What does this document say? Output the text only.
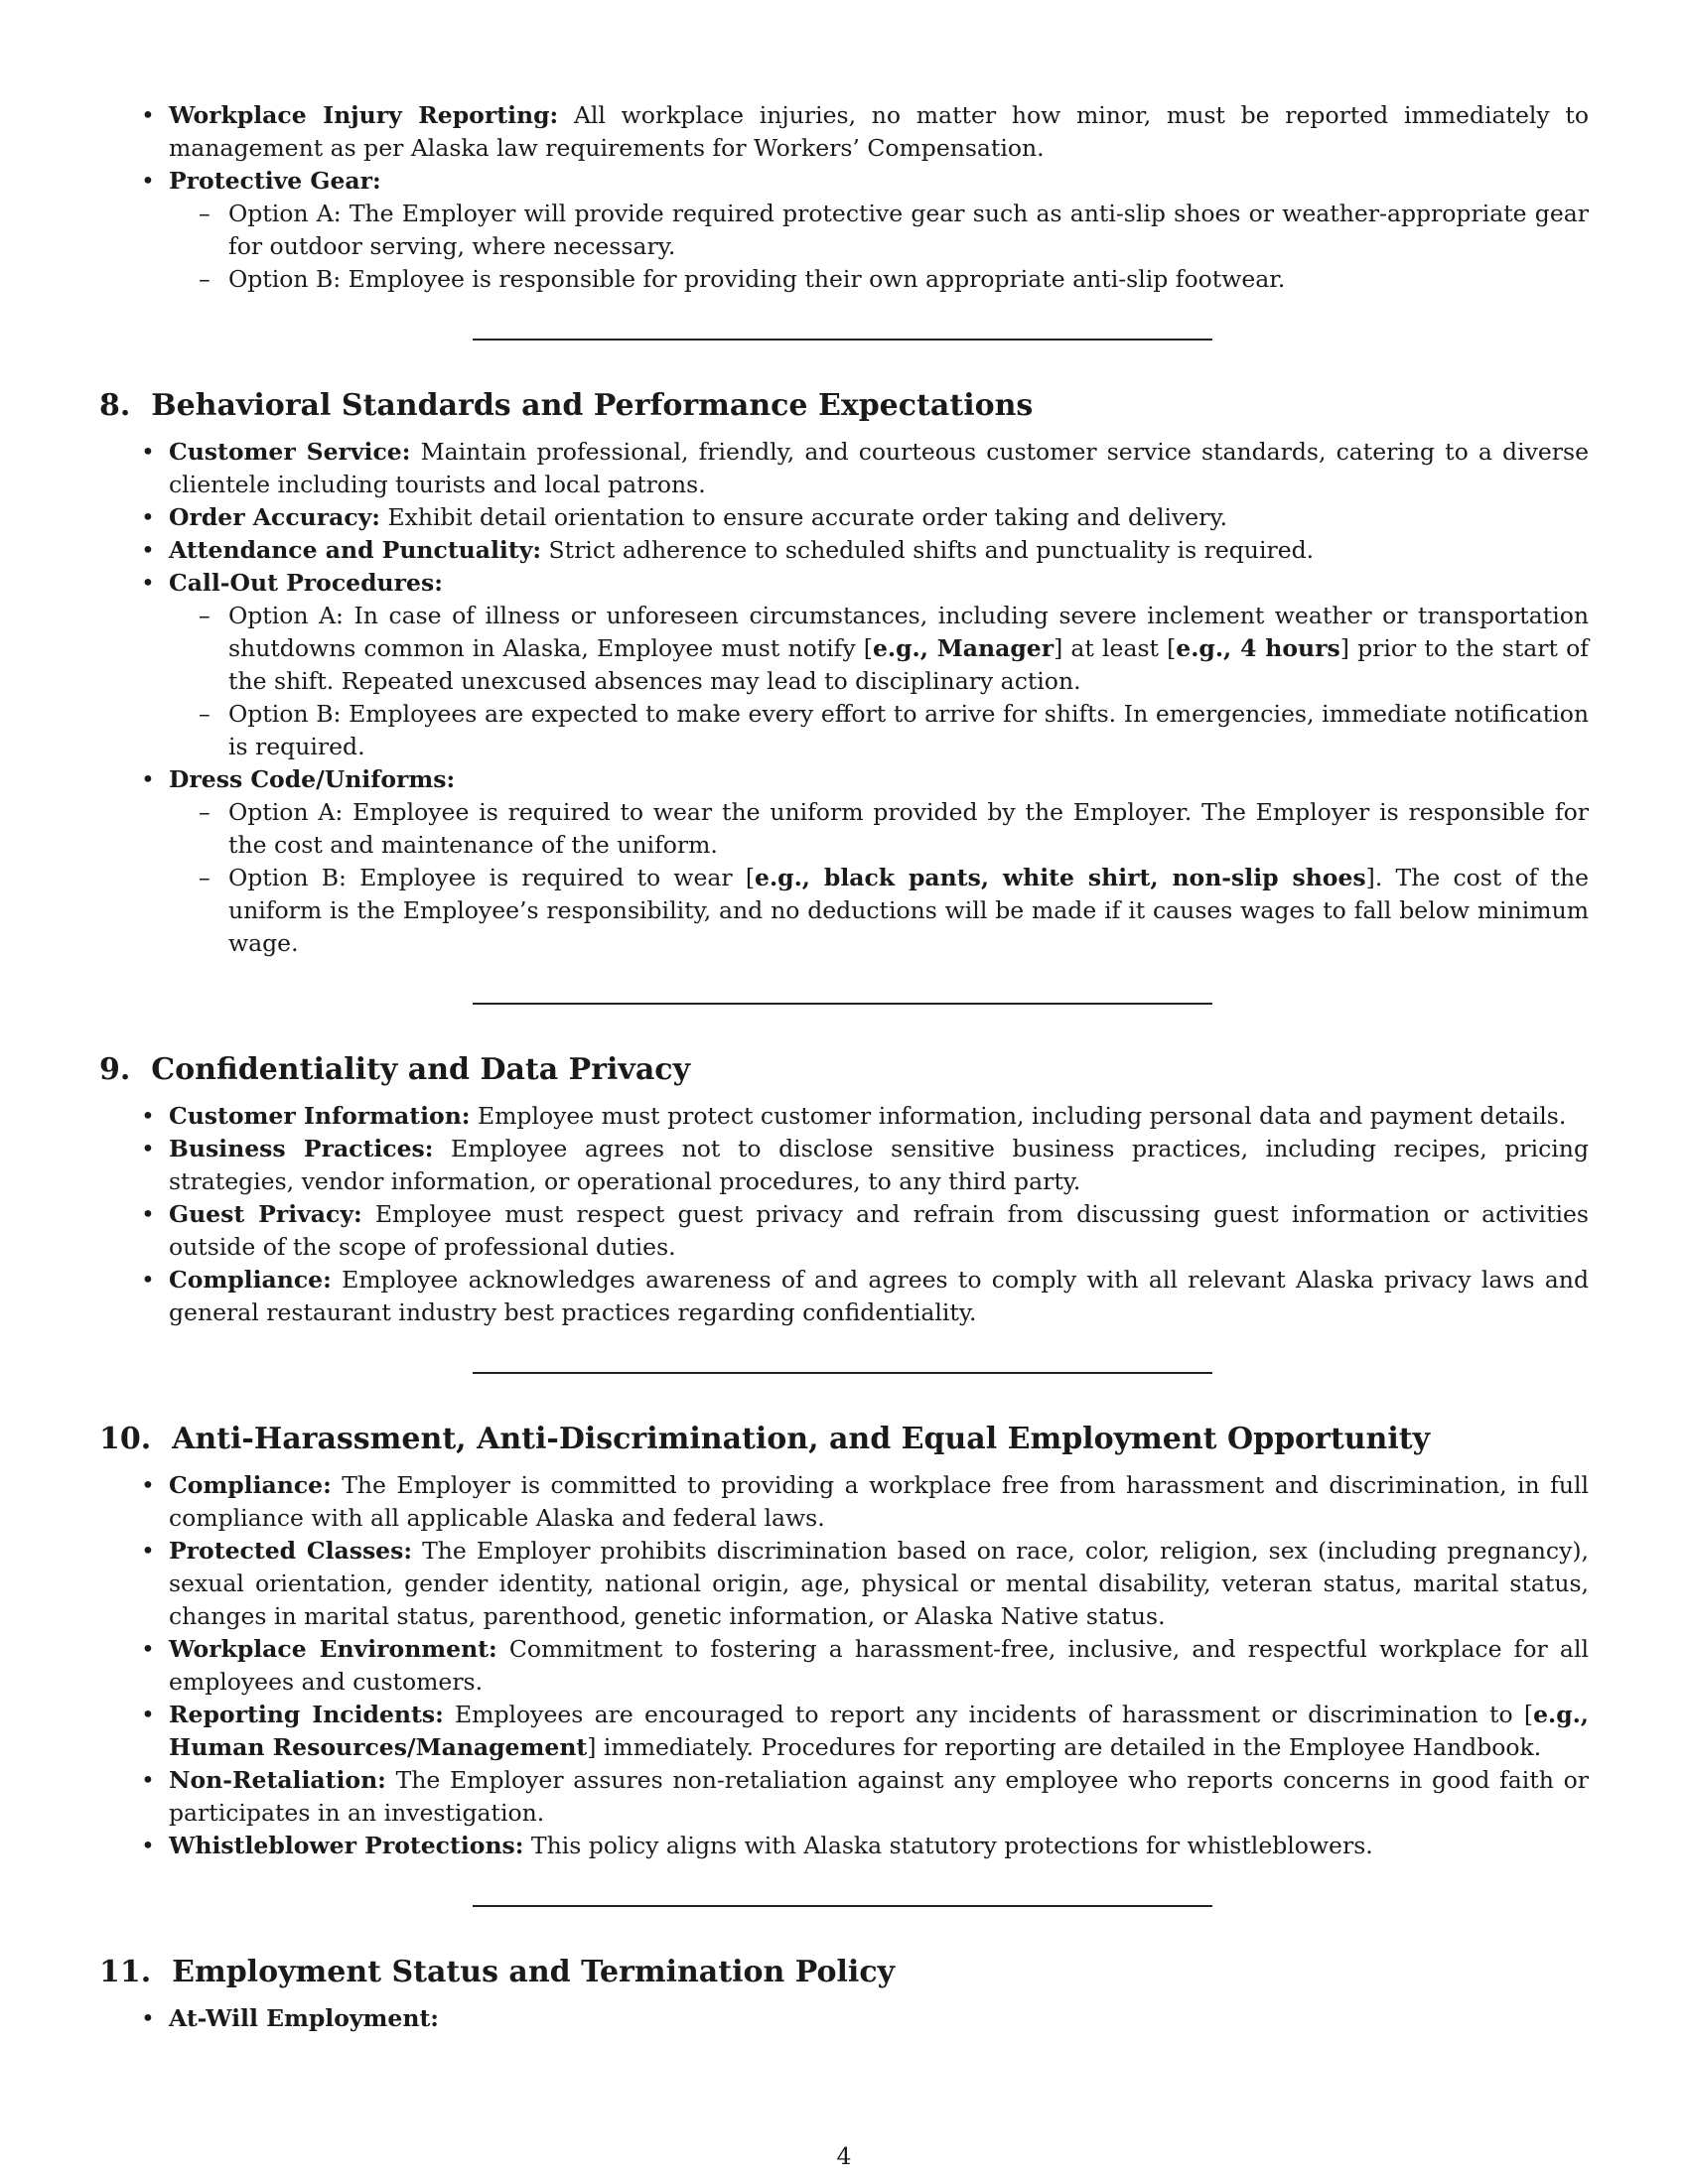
• Workplace Injury Reporting: All workplace injuries, no matter how minor, must be reported immediately to management as per Alaska law requirements for Workers’ Compensation.
• Protective Gear:
– Option A: The Employer will provide required protective gear such as anti-slip shoes or weather-appropriate gear for outdoor serving, where necessary.
– Option B: Employee is responsible for providing their own appropriate anti-slip footwear.
8.  Behavioral Standards and Performance Expectations
• Customer Service: Maintain professional, friendly, and courteous customer service standards, catering to a diverse clientele including tourists and local patrons.
• Order Accuracy: Exhibit detail orientation to ensure accurate order taking and delivery.
• Attendance and Punctuality: Strict adherence to scheduled shifts and punctuality is required.
• Call-Out Procedures:
– Option A: In case of illness or unforeseen circumstances, including severe inclement weather or transportation shutdowns common in Alaska, Employee must notify [e.g., Manager] at least [e.g., 4 hours] prior to the start of the shift. Repeated unexcused absences may lead to disciplinary action.
– Option B: Employees are expected to make every effort to arrive for shifts. In emergencies, immediate notification is required.
• Dress Code/Uniforms:
– Option A: Employee is required to wear the uniform provided by the Employer. The Employer is responsible for the cost and maintenance of the uniform.
– Option B: Employee is required to wear [e.g., black pants, white shirt, non-slip shoes]. The cost of the uniform is the Employee’s responsibility, and no deductions will be made if it causes wages to fall below minimum wage.
9.  Confidentiality and Data Privacy
• Customer Information: Employee must protect customer information, including personal data and payment details.
• Business Practices: Employee agrees not to disclose sensitive business practices, including recipes, pricing strategies, vendor information, or operational procedures, to any third party.
• Guest Privacy: Employee must respect guest privacy and refrain from discussing guest information or activities outside of the scope of professional duties.
• Compliance: Employee acknowledges awareness of and agrees to comply with all relevant Alaska privacy laws and general restaurant industry best practices regarding confidentiality.
10.  Anti-Harassment, Anti-Discrimination, and Equal Employment Opportunity
• Compliance: The Employer is committed to providing a workplace free from harassment and discrimination, in full compliance with all applicable Alaska and federal laws.
• Protected Classes: The Employer prohibits discrimination based on race, color, religion, sex (including pregnancy), sexual orientation, gender identity, national origin, age, physical or mental disability, veteran status, marital status, changes in marital status, parenthood, genetic information, or Alaska Native status.
• Workplace Environment: Commitment to fostering a harassment-free, inclusive, and respectful workplace for all employees and customers.
• Reporting Incidents: Employees are encouraged to report any incidents of harassment or discrimination to [e.g., Human Resources/Management] immediately. Procedures for reporting are detailed in the Employee Handbook.
• Non-Retaliation: The Employer assures non-retaliation against any employee who reports concerns in good faith or participates in an investigation.
• Whistleblower Protections: This policy aligns with Alaska statutory protections for whistleblowers.
11.  Employment Status and Termination Policy
• At-Will Employment:
4
